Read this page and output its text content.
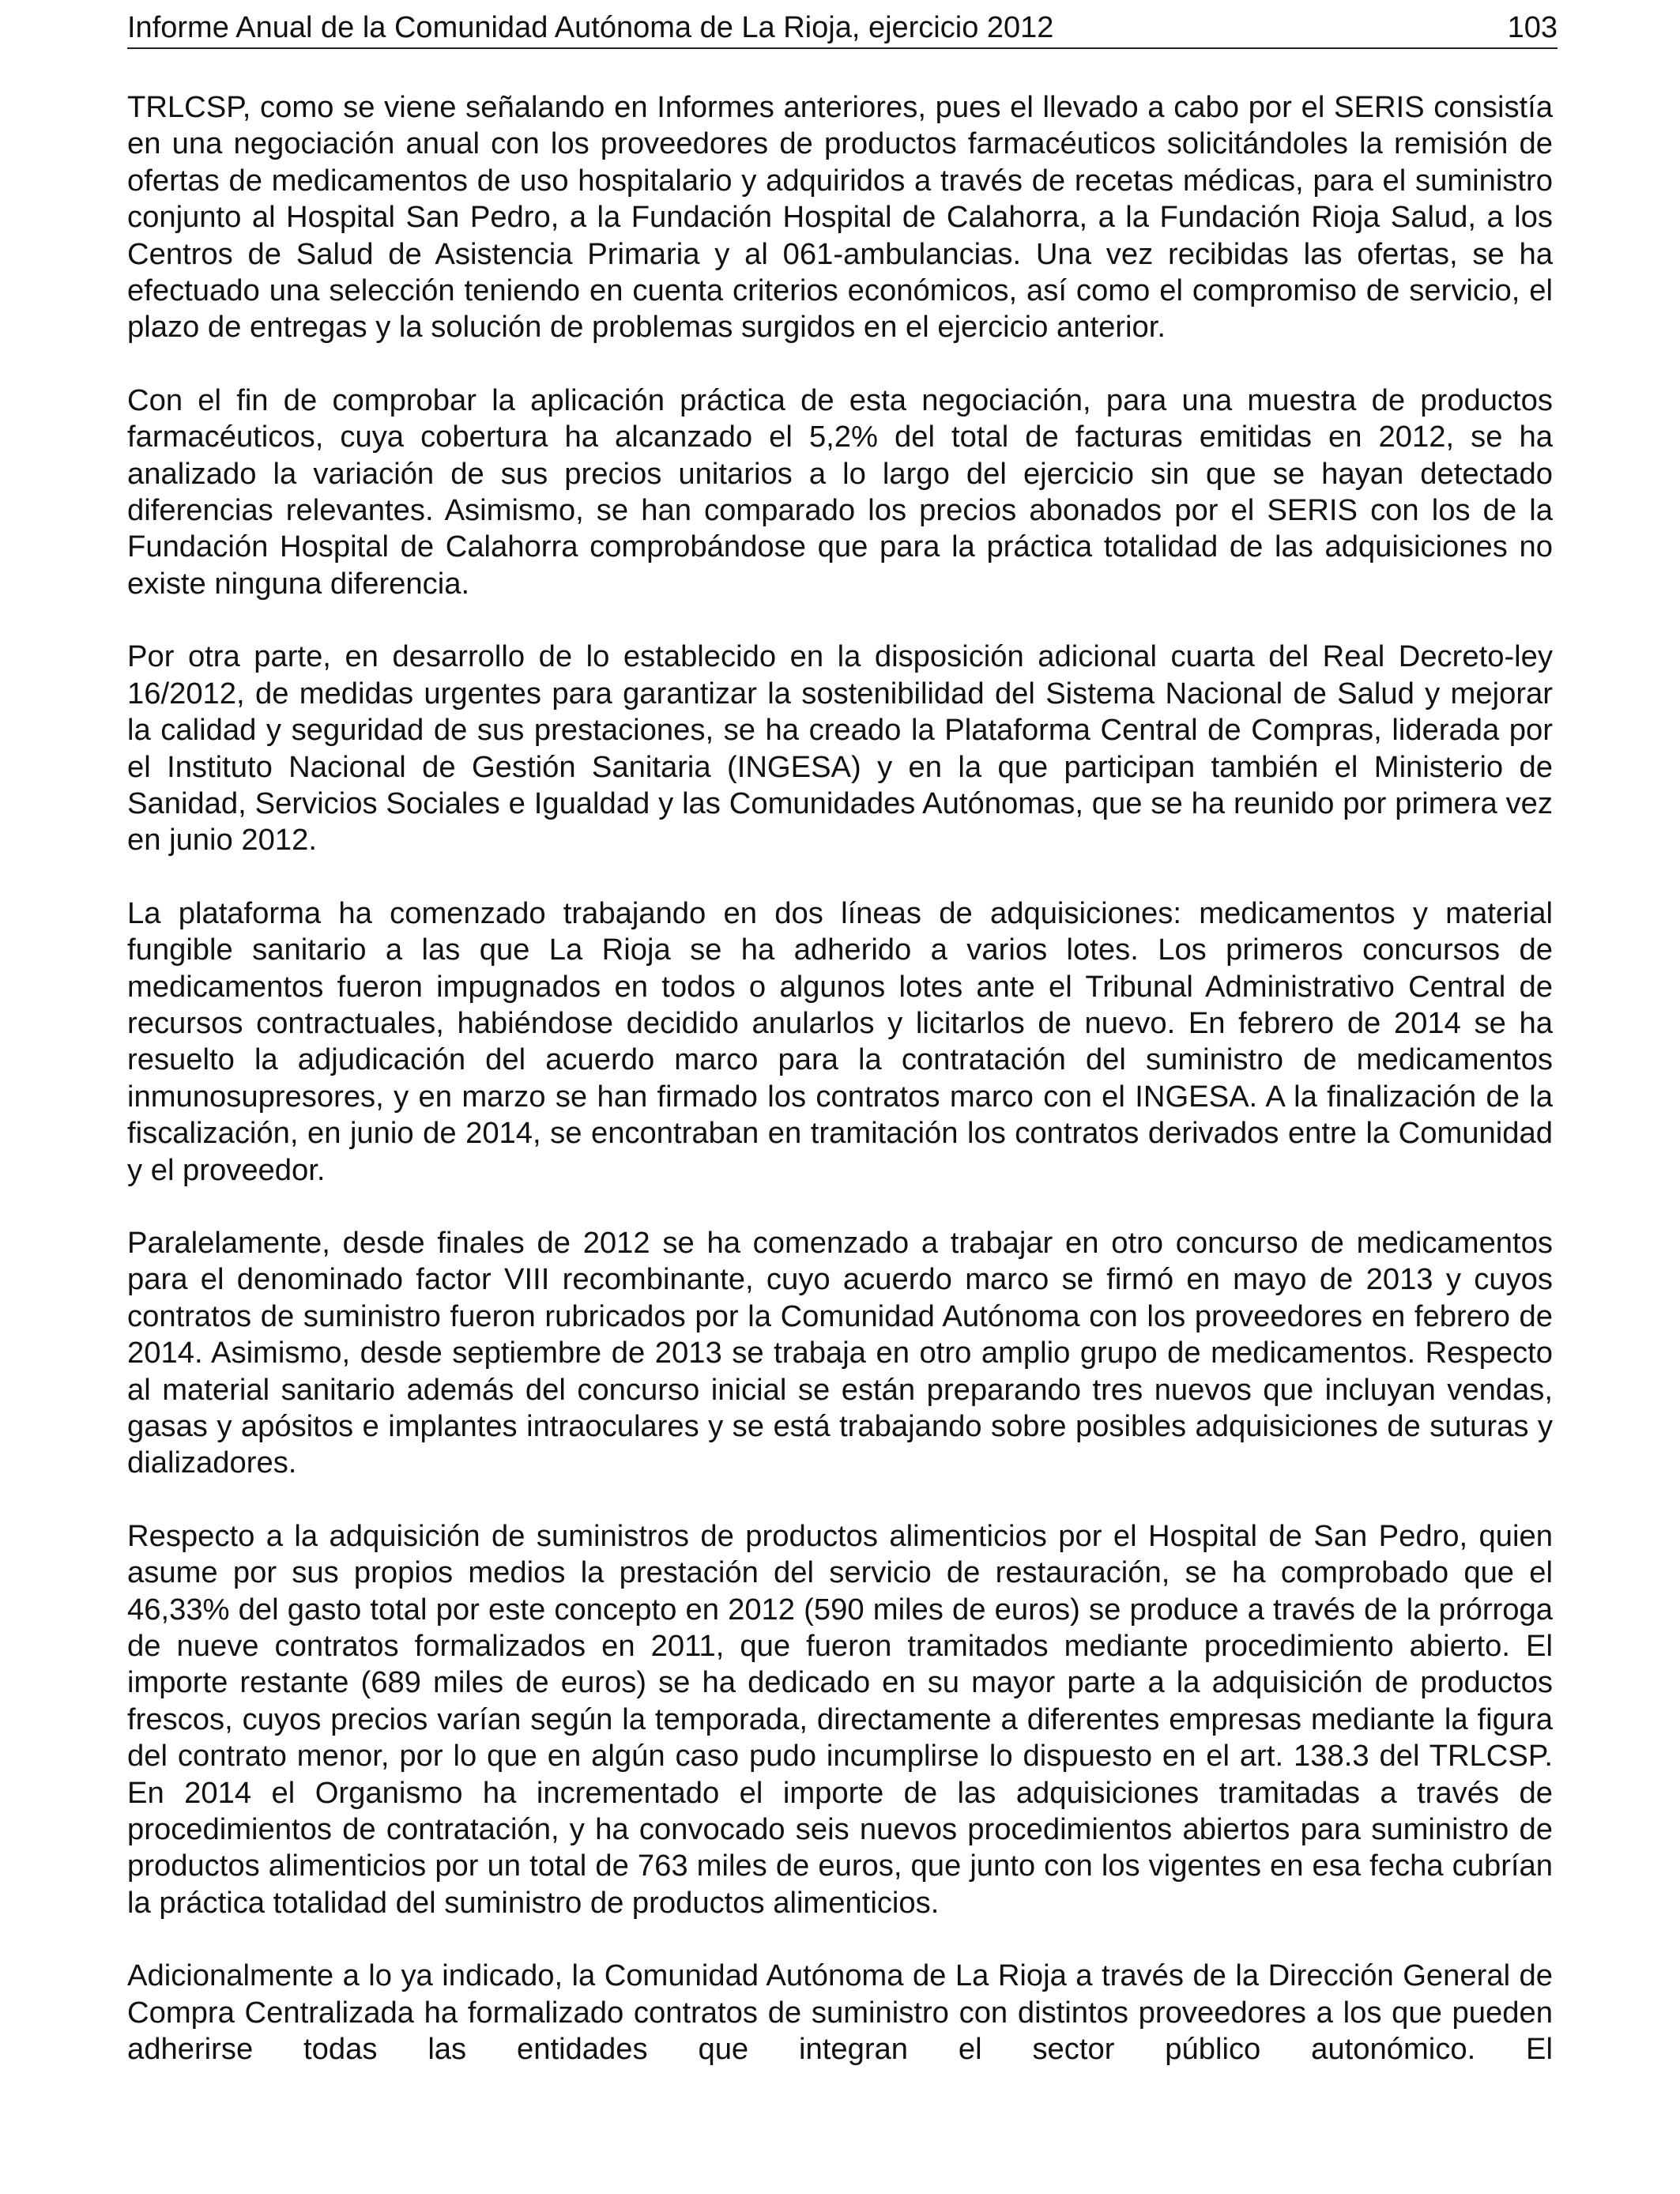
Informe Anual de la Comunidad Autónoma de La Rioja, ejercicio 2012	103

TRLCSP, como se viene señalando en Informes anteriores, pues el llevado a cabo por el SERIS consistía en una negociación anual con los proveedores de productos farmacéuticos solicitándoles la remisión de ofertas de medicamentos de uso hospitalario y adquiridos a través de recetas médicas, para el suministro conjunto al Hospital San Pedro, a la Fundación Hospital de Calahorra, a la Fundación Rioja Salud, a los Centros de Salud de Asistencia Primaria y al 061-ambulancias. Una vez recibidas las ofertas, se ha efectuado una selección teniendo en cuenta criterios económicos, así como el compromiso de servicio, el plazo de entregas y la solución de problemas surgidos en el ejercicio anterior.

Con el fin de comprobar la aplicación práctica de esta negociación, para una muestra de productos farmacéuticos, cuya cobertura ha alcanzado el 5,2% del total de facturas emitidas en 2012, se ha analizado la variación de sus precios unitarios a lo largo del ejercicio sin que se hayan detectado diferencias relevantes. Asimismo, se han comparado los precios abonados por el SERIS con los de la Fundación Hospital de Calahorra comprobándose que para la práctica totalidad de las adquisiciones no existe ninguna diferencia.

Por otra parte, en desarrollo de lo establecido en la disposición adicional cuarta del Real Decreto-ley 16/2012, de medidas urgentes para garantizar la sostenibilidad del Sistema Nacional de Salud y mejorar la calidad y seguridad de sus prestaciones, se ha creado la Plataforma Central de Compras, liderada por el Instituto Nacional de Gestión Sanitaria (INGESA) y en la que participan también el Ministerio de Sanidad, Servicios Sociales e Igualdad y las Comunidades Autónomas, que se ha reunido por primera vez en junio 2012.

La plataforma ha comenzado trabajando en dos líneas de adquisiciones: medicamentos y material fungible sanitario a las que La Rioja se ha adherido a varios lotes. Los primeros concursos de medicamentos fueron impugnados en todos o algunos lotes ante el Tribunal Administrativo Central de recursos contractuales, habiéndose decidido anularlos y licitarlos de nuevo. En febrero de 2014 se ha resuelto la adjudicación del acuerdo marco para la contratación del suministro de medicamentos inmunosupresores, y en marzo se han firmado los contratos marco con el INGESA. A la finalización de la fiscalización, en junio de 2014, se encontraban en tramitación los contratos derivados entre la Comunidad y el proveedor.

Paralelamente, desde finales de 2012 se ha comenzado a trabajar en otro concurso de medicamentos para el denominado factor VIII recombinante, cuyo acuerdo marco se firmó en mayo de 2013 y cuyos contratos de suministro fueron rubricados por la Comunidad Autónoma con los proveedores en febrero de 2014. Asimismo, desde septiembre de 2013 se trabaja en otro amplio grupo de medicamentos. Respecto al material sanitario además del concurso inicial se están preparando tres nuevos que incluyan vendas, gasas y apósitos e implantes intraoculares y se está trabajando sobre posibles adquisiciones de suturas y dializadores.

Respecto a la adquisición de suministros de productos alimenticios por el Hospital de San Pedro, quien asume por sus propios medios la prestación del servicio de restauración, se ha comprobado que el 46,33% del gasto total por este concepto en 2012 (590 miles de euros) se produce a través de la prórroga de nueve contratos formalizados en 2011, que fueron tramitados mediante procedimiento abierto. El importe restante (689 miles de euros) se ha dedicado en su mayor parte a la adquisición de productos frescos, cuyos precios varían según la temporada, directamente a diferentes empresas mediante la figura del contrato menor, por lo que en algún caso pudo incumplirse lo dispuesto en el art. 138.3 del TRLCSP. En 2014 el Organismo ha incrementado el importe de las adquisiciones tramitadas a través de procedimientos de contratación, y ha convocado seis nuevos procedimientos abiertos para suministro de productos alimenticios por un total de 763 miles de euros, que junto con los vigentes en esa fecha cubrían la práctica totalidad del suministro de productos alimenticios.

Adicionalmente a lo ya indicado, la Comunidad Autónoma de La Rioja a través de la Dirección General de Compra Centralizada ha formalizado contratos de suministro con distintos proveedores a los que pueden adherirse todas las entidades que integran el sector público autonómico. El
